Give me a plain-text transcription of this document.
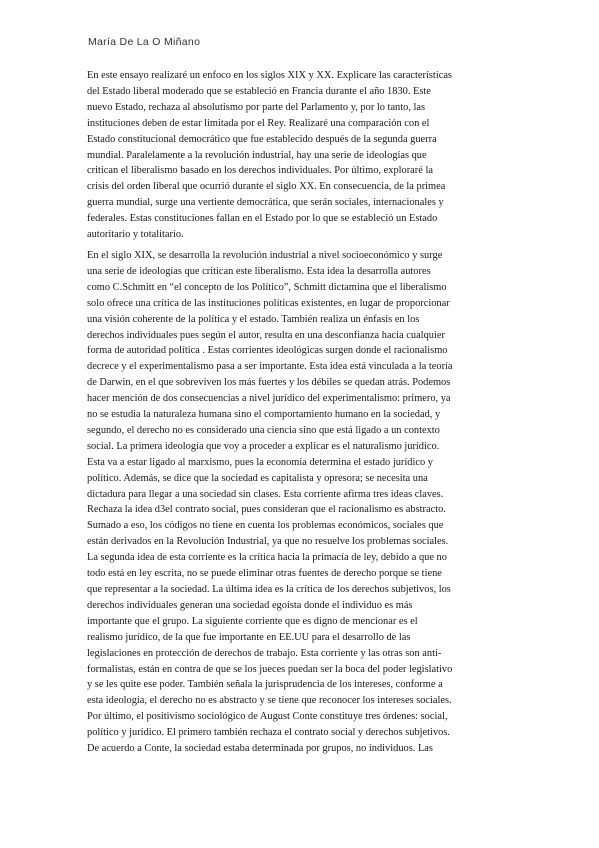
María De La O Miñano

En este ensayo realizaré un enfoco en los siglos XIX y XX. Explicare las características
del Estado liberal moderado que se estableció en Francia durante el año 1830. Este
nuevo Estado, rechaza al absolutismo por parte del Parlamento y, por lo tanto, las
instituciones deben de estar limitada por el Rey. Realizaré una comparación con el
Estado constitucional democrático que fue establecido después de la segunda guerra
mundial. Paralelamente a la revolución industrial, hay una serie de ideologías que
critican el liberalismo basado en los derechos individuales. Por último, exploraré la
crisis del orden liberal que ocurrió durante el siglo XX. En consecuencia, de la primea
guerra mundial, surge una vertiente democrática, que serán sociales, internacionales y
federales. Estas constituciones fallan en el Estado por lo que se estableció un Estado
autoritario y totalitario.

En el siglo XIX, se desarrolla la revolución industrial a nivel socioeconómico y surge
una serie de ideologías que critican este liberalismo. Esta idea la desarrolla autores
como C.Schmitt en “el concepto de los Político”, Schmitt dictamina que el liberalismo
solo ofrece una crítica de las instituciones políticas existentes, en lugar de proporcionar
una visión coherente de la política y el estado. También realiza un énfasis en los
derechos individuales pues según el autor, resulta en una desconfianza hacia cualquier
forma de autoridad política . Estas corrientes ideológicas surgen donde el racionalismo
decrece y el experimentalismo pasa a ser importante. Esta idea está vinculada a la teoría
de Darwin, en el que sobreviven los más fuertes y los débiles se quedan atrás. Podemos
hacer mención de dos consecuencias a nivel jurídico del experimentalismo: primero, ya
no se estudia la naturaleza humana sino el comportamiento humano en la sociedad, y
segundo, el derecho no es considerado una ciencia sino que está ligado a un contexto
social. La primera ideología que voy a proceder a explicar es el naturalismo jurídico.
Esta va a estar ligado al marxismo, pues la economía determina el estado jurídico y
político. Además, se dice que la sociedad es capitalista y opresora; se necesita una
dictadura para llegar a una sociedad sin clases. Esta corriente afirma tres ideas claves.
Rechaza la idea d3el contrato social, pues consideran que el racionalismo es abstracto.
Sumado a eso, los códigos no tiene en cuenta los problemas económicos, sociales que
están derivados en la Revolución Industrial, ya que no resuelve los problemas sociales.
La segunda idea de esta corriente es la crítica hacia la primacía de ley, debido a que no
todo está en ley escrita, no se puede eliminar otras fuentes de derecho porque se tiene
que representar a la sociedad. La última idea es la crítica de los derechos subjetivos, los
derechos individuales generan una sociedad egoísta donde el individuo es más
importante que el grupo. La siguiente corriente que es digno de mencionar es el
realismo jurídico, de la que fue importante en EE.UU para el desarrollo de las
legislaciones en protección de derechos de trabajo. Esta corriente y las otras son anti-
formalistas, están en contra de que se los jueces puedan ser la boca del poder legislativo
y se les quite ese poder. También señala la jurisprudencia de los intereses, conforme a
esta ideología, el derecho no es abstracto y se tiene que reconocer los intereses sociales.
Por último, el positivismo sociológico de August Conte constituye tres órdenes: social,
político y jurídico. El primero también rechaza el contrato social y derechos subjetivos.
De acuerdo a Conte, la sociedad estaba determinada por grupos, no individuos. Las
